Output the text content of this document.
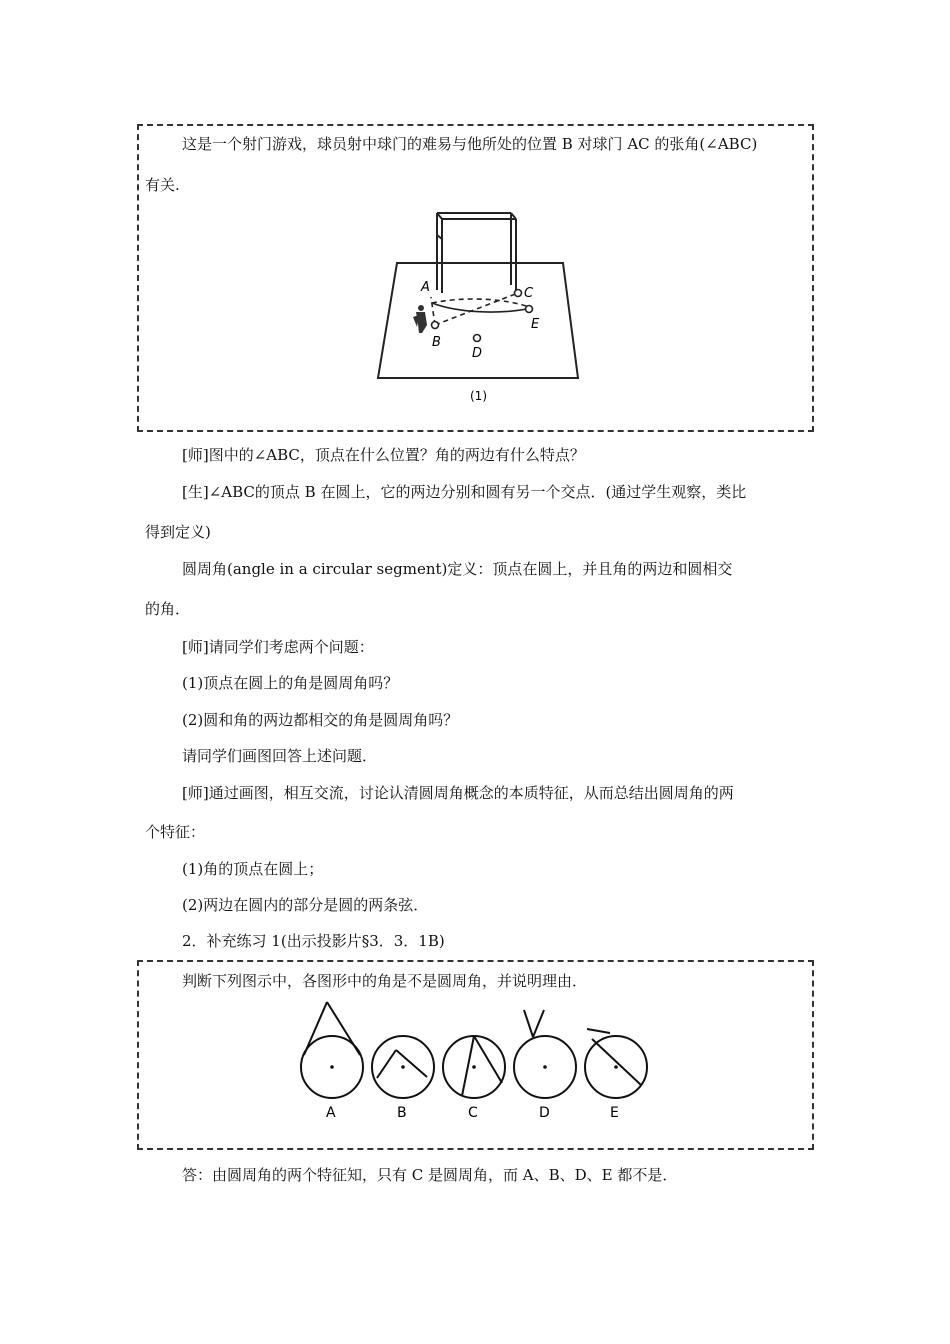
这是一个射门游戏，球员射中球门的难易与他所处的位置 B 对球门 AC 的张角(∠ABC)
有关.
A
B
C
E
D
(1)
[师]图中的∠ABC，顶点在什么位置？角的两边有什么特点？
[生]∠ABC的顶点 B 在圆上，它的两边分别和圆有另一个交点．(通过学生观察，类比
得到定义)
圆周角(angle in a circular segment)定义：顶点在圆上，并且角的两边和圆相交
的角．
[师]请同学们考虑两个问题：
(1)顶点在圆上的角是圆周角吗？
(2)圆和角的两边都相交的角是圆周角吗？
请同学们画图回答上述问题．
[师]通过画图，相互交流，讨论认清圆周角概念的本质特征，从而总结出圆周角的两
个特征：
(1)角的顶点在圆上；
(2)两边在圆内的部分是圆的两条弦．
2．补充练习 1(出示投影片§3．3．1B)
判断下列图示中，各图形中的角是不是圆周角，并说明理由．
A	B	C	D	E
答：由圆周角的两个特征知，只有 C 是圆周角，而 A、B、D、E 都不是．
